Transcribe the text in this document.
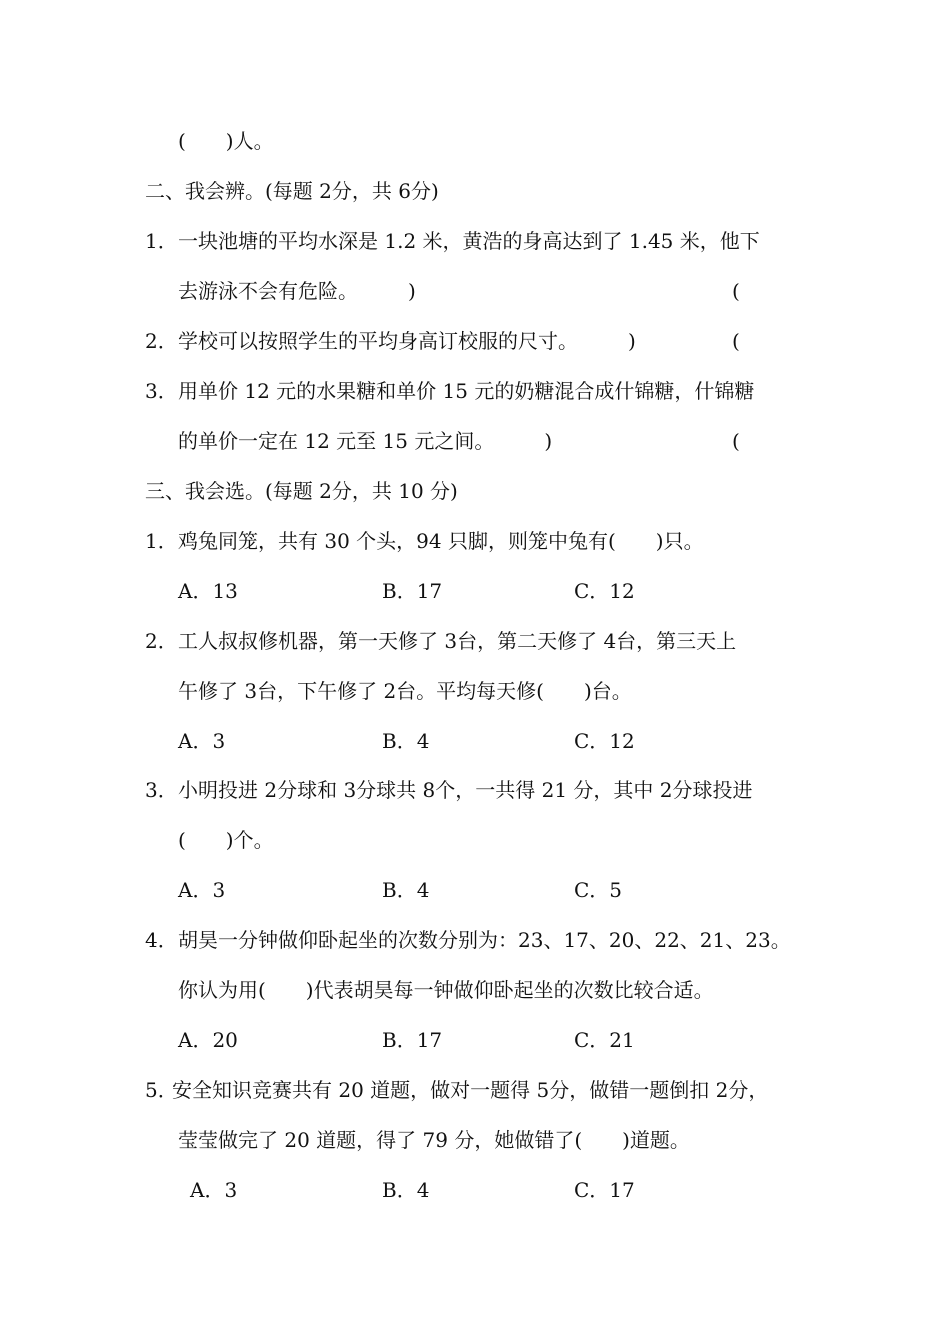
(　　)人。
二、我会辨。(每题 2分，共 6分)
1． 一块池塘的平均水深是 1.2 米，黄浩的身高达到了 1.45 米，他下
去游泳不会有危险。　　　)	(
2． 学校可以按照学生的平均身高订校服的尺寸。　　　)	(
3． 用单价 12 元的水果糖和单价 15 元的奶糖混合成什锦糖，什锦糖
的单价一定在 12 元至 15 元之间。　　　)	(
三、我会选。(每题 2分，共 10 分)
1． 鸡兔同笼，共有 30 个头，94 只脚，则笼中兔有(　　)只。
A．13	B．17	C．12
2． 工人叔叔修机器，第一天修了 3台，第二天修了 4台，第三天上
午修了 3台，下午修了 2台。平均每天修(　　)台。
A．3	B．4	C．12
3． 小明投进 2分球和 3分球共 8个，一共得 21 分，其中 2分球投进
(　　)个。
A．3	B．4	C．5
4． 胡昊一分钟做仰卧起坐的次数分别为：23、17、20、22、21、23。
你认为用(　　)代表胡昊每一钟做仰卧起坐的次数比较合适。
A．20	B．17	C．21
5．
安全知识竞赛共有 20 道题，做对一题得 5分，做错一题倒扣 2分，
莹莹做完了 20 道题，得了 79 分，她做错了(　　)道题。
A．3	B．4	C．17
